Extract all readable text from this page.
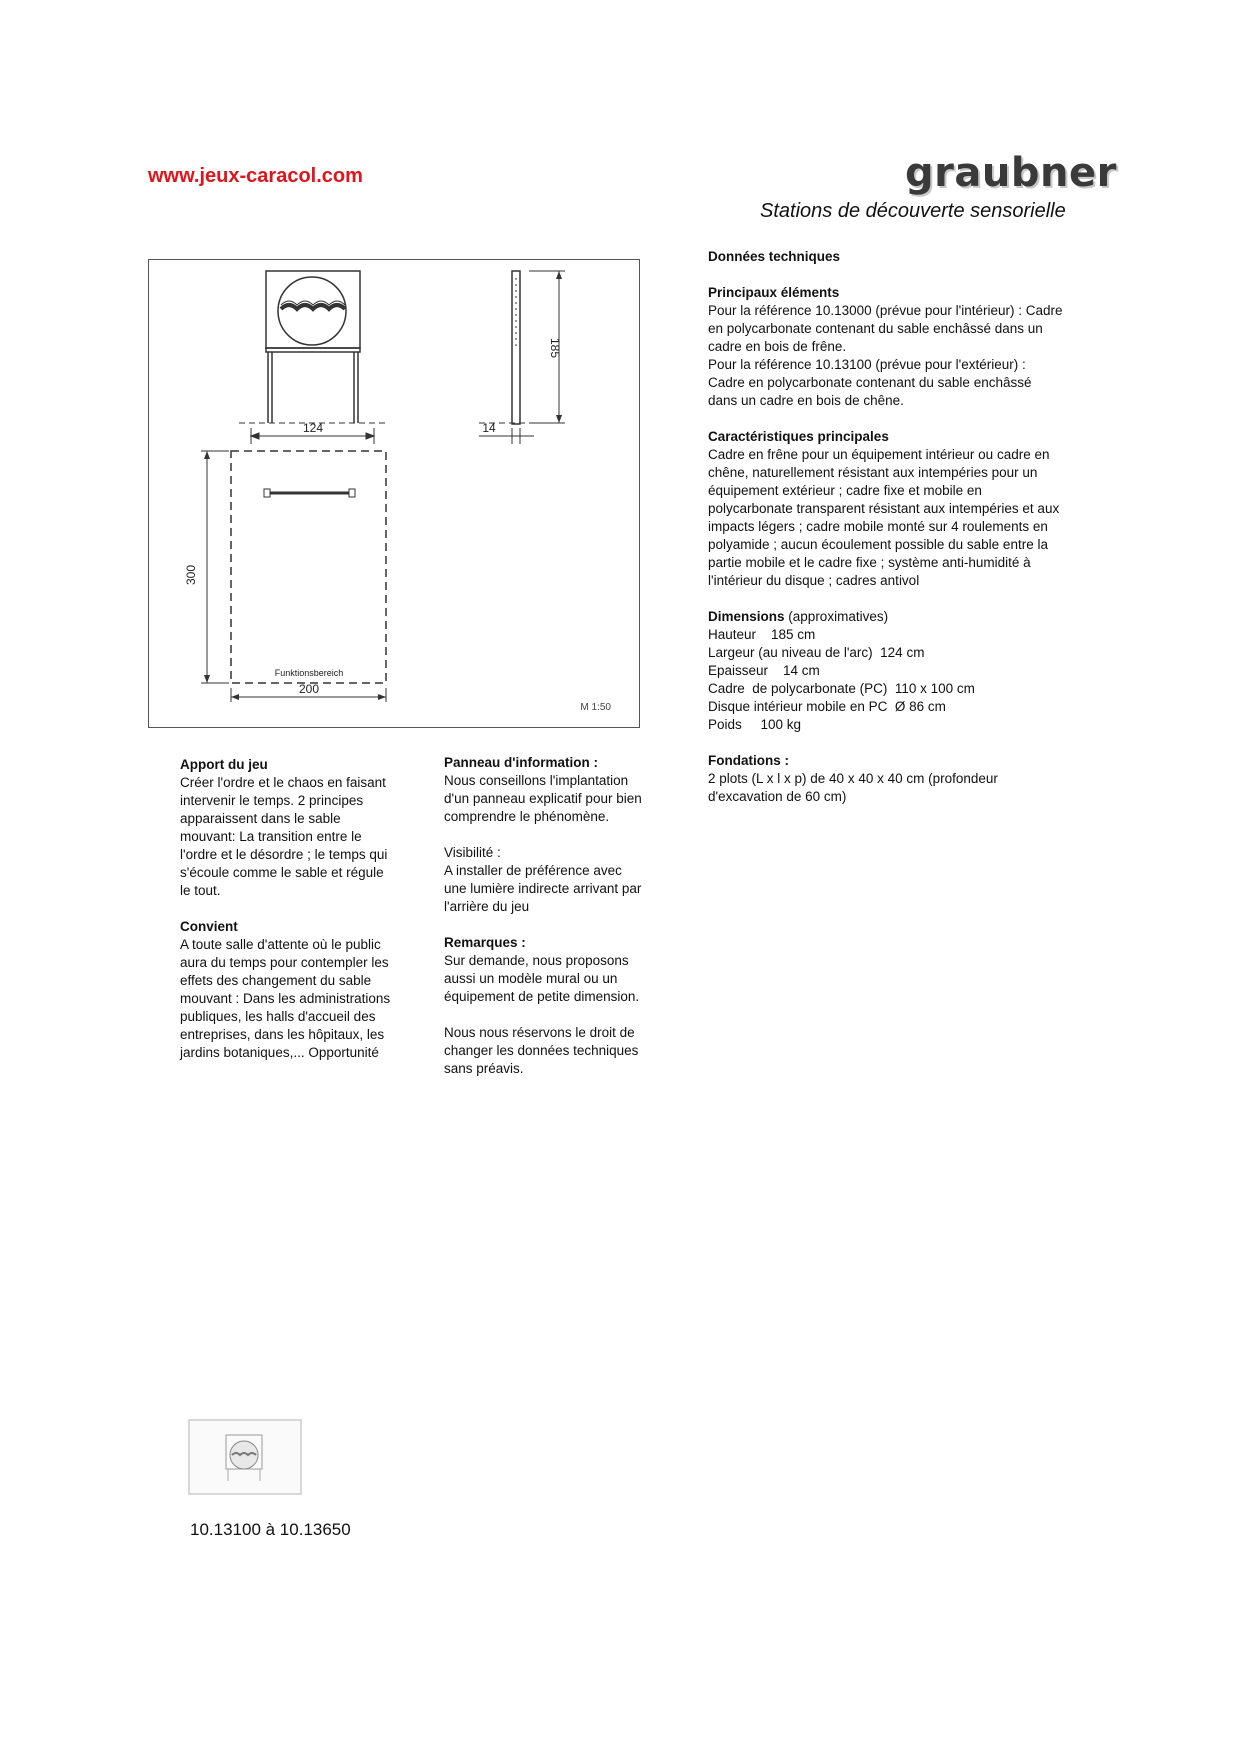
www.jeux-caracol.com	graubner
Stations de découverte sensorielle
124
185
14
300
200
Funktionsbereich
M 1:50

Données techniques

Principaux éléments

Pour la référence 10.13000 (prévue pour l'intérieur) : Cadre

en polycarbonate contenant du sable enchâssé dans un

cadre en bois de frêne.

Pour la référence 10.13100 (prévue pour l'extérieur) :

Cadre en polycarbonate contenant du sable enchâssé

dans un cadre en bois de chêne.

Caractéristiques principales

Cadre en frêne pour un équipement intérieur ou cadre en

chêne, naturellement résistant aux intempéries pour un

équipement extérieur ; cadre fixe et mobile en

polycarbonate transparent résistant aux intempéries et aux

impacts légers ; cadre mobile monté sur 4 roulements en

polyamide ; aucun écoulement possible du sable entre la

partie mobile et le cadre fixe ; système anti-humidité à

l'intérieur du disque ; cadres antivol

Dimensions (approximatives)

Hauteur    185 cm

Largeur (au niveau de l'arc)  124 cm

Epaisseur    14 cm

Cadre  de polycarbonate (PC)  110 x 100 cm

Disque intérieur mobile en PC  Ø 86 cm

Poids     100 kg

Fondations :

2 plots (L x l x p) de 40 x 40 x 40 cm (profondeur

d'excavation de 60 cm)

Apport du jeu

Créer l'ordre et le chaos en faisant

intervenir le temps. 2 principes

apparaissent dans le sable

mouvant: La transition entre le

l'ordre et le désordre ; le temps qui

s'écoule comme le sable et régule

le tout.

Convient

A toute salle d'attente où le public

aura du temps pour contempler les

effets des changement du sable

mouvant : Dans les administrations

publiques, les halls d'accueil des

entreprises, dans les hôpitaux, les

jardins botaniques,... Opportunité

Panneau d'information :

Nous conseillons l'implantation

d'un panneau explicatif pour bien

comprendre le phénomène.

Visibilité :

A installer de préférence avec

une lumière indirecte arrivant par

l'arrière du jeu

Remarques :

Sur demande, nous proposons

aussi un modèle mural ou un

équipement de petite dimension.

Nous nous réservons le droit de

changer les données techniques

sans préavis.

10.13100 à 10.13650
